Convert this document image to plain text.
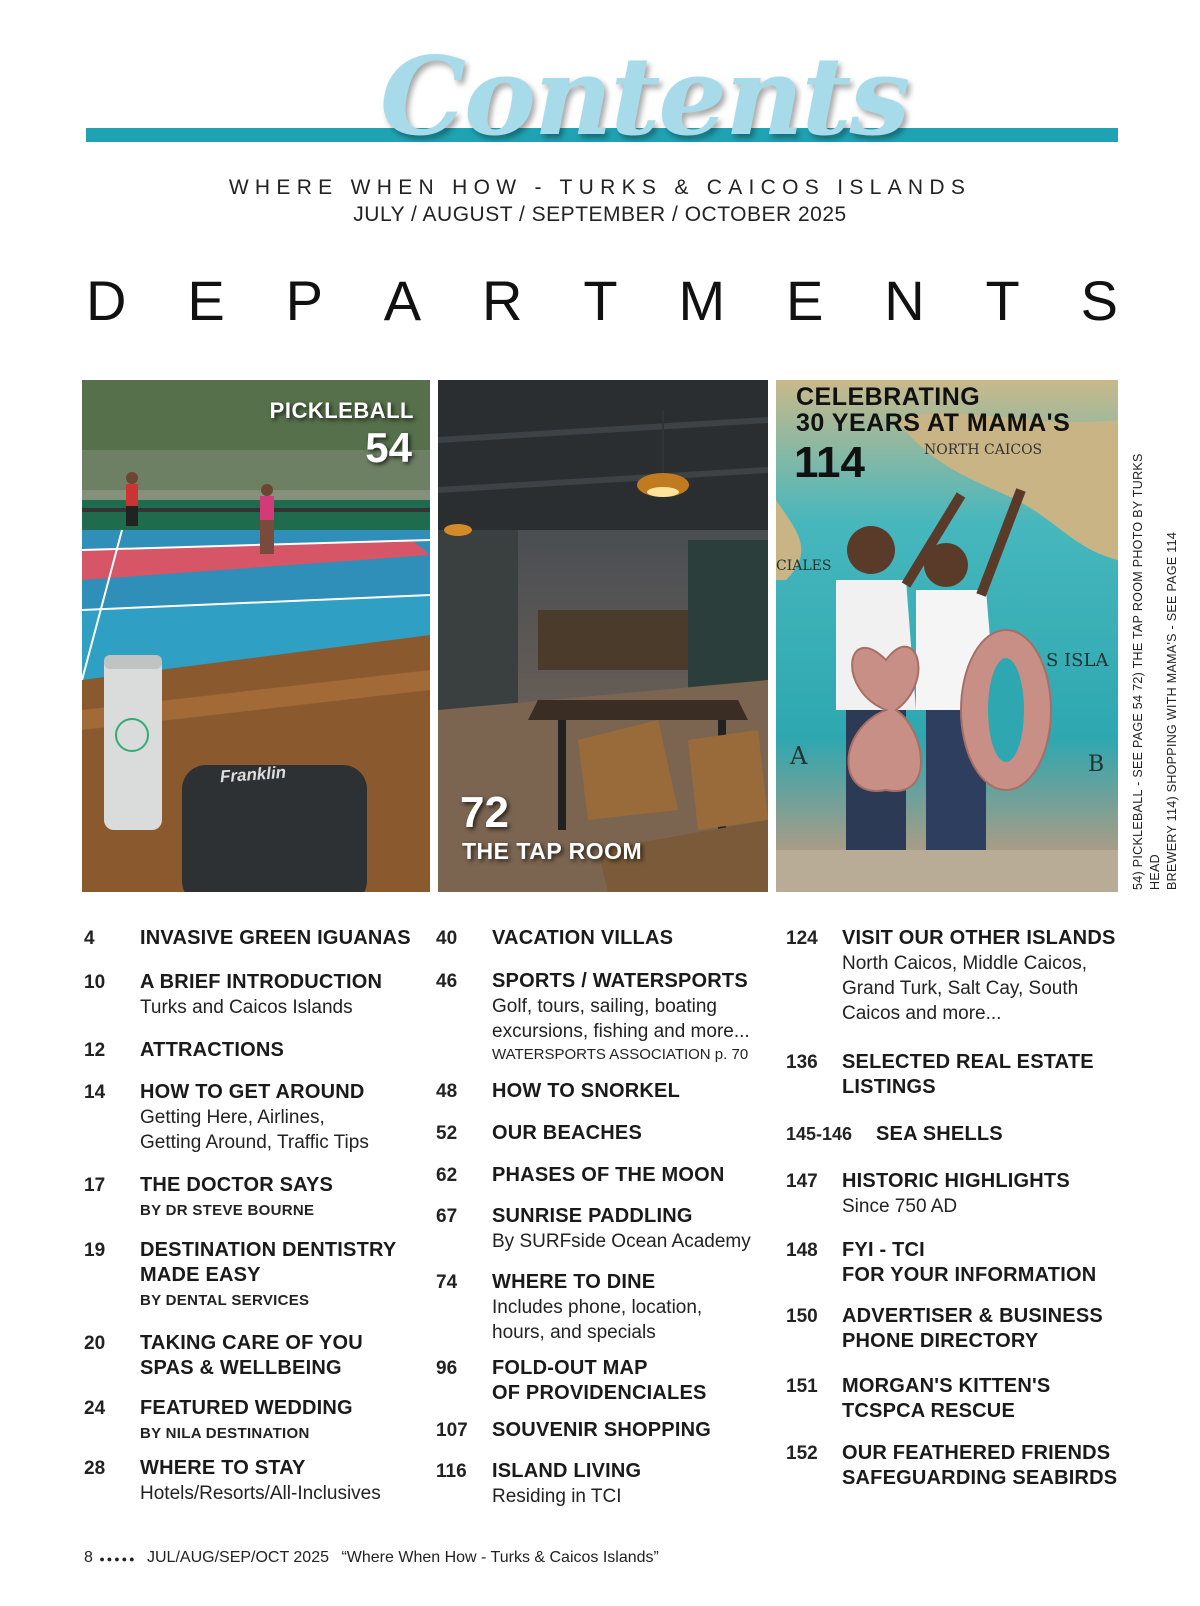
Contents
WHERE WHEN HOW - TURKS & CAICOS ISLANDS
JULY / AUGUST / SEPTEMBER / OCTOBER 2025
D E P A R T M E N T S
PICKLEBALL
54
Franklin
72
THE TAP ROOM
CELEBRATING
30 YEARS AT MAMA'S
114	NORTH CAICOS
CIALES
S ISLA
A	B 54) PICKLEBALL - SEE PAGE 54 72) THE TAP ROOM PHOTO BY TURKS HEAD BREWERY 114) SHOPPING WITH MAMA'S - SEE PAGE 114
4 INVASIVE GREEN IGUANAS
10 A BRIEF INTRODUCTION
Turks and Caicos Islands
12 ATTRACTIONS
14 HOW TO GET AROUND
Getting Here, Airlines,
Getting Around, Traffic Tips
17 THE DOCTOR SAYS
BY DR STEVE BOURNE
19 DESTINATION DENTISTRY
MADE EASY
BY DENTAL SERVICES
20 TAKING CARE OF YOU
SPAS & WELLBEING
24 FEATURED WEDDING
BY NILA DESTINATION
28 WHERE TO STAY
Hotels/Resorts/All-Inclusives
40 VACATION VILLAS
46 SPORTS / WATERSPORTS
Golf, tours, sailing, boating
excursions, fishing and more...
WATERSPORTS ASSOCIATION p. 70
48 HOW TO SNORKEL
52 OUR BEACHES
62 PHASES OF THE MOON
67 SUNRISE PADDLING
By SURFside Ocean Academy
74 WHERE TO DINE
Includes phone, location,
hours, and specials
96 FOLD-OUT MAP
OF PROVIDENCIALES
107 SOUVENIR SHOPPING
116 ISLAND LIVING
Residing in TCI
124 VISIT OUR OTHER ISLANDS
North Caicos, Middle Caicos,
Grand Turk, Salt Cay, South
Caicos and more...
136 SELECTED REAL ESTATE
LISTINGS
145-146 SEA SHELLS
147 HISTORIC HIGHLIGHTS
Since 750 AD
148 FYI - TCI
FOR YOUR INFORMATION
150 ADVERTISER & BUSINESS
PHONE DIRECTORY
151 MORGAN'S KITTEN'S
TCSPCA RESCUE
152 OUR FEATHERED FRIENDS
SAFEGUARDING SEABIRDS
8 ●●●●● JUL/AUG/SEP/OCT 2025 “Where When How - Turks & Caicos Islands”
